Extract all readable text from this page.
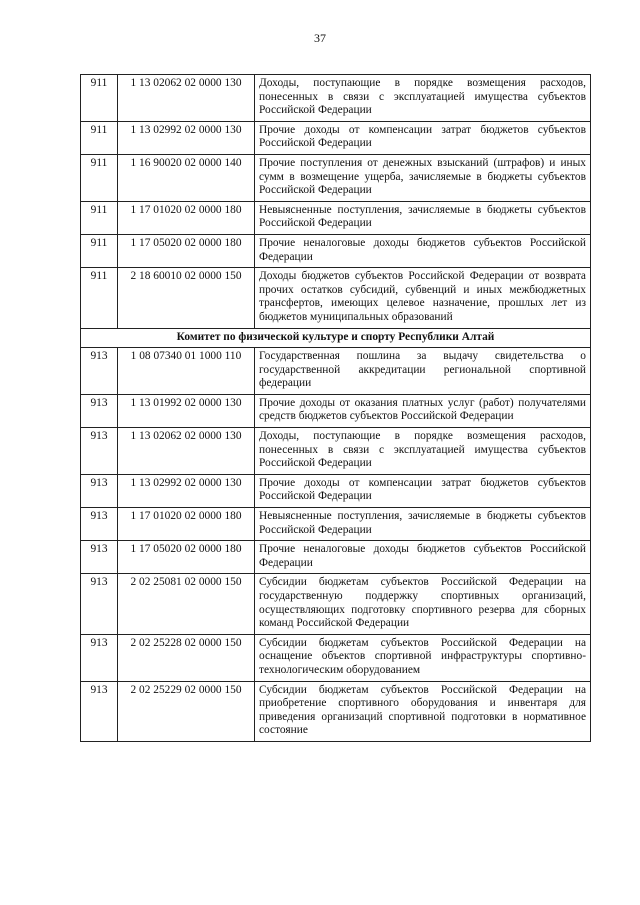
37
911	1 13 02062 02 0000 130	Доходы, поступающие в порядке возмещения расходов, понесенных в связи с эксплуатацией имущества субъектов Российской Федерации
911	1 13 02992 02 0000 130	Прочие доходы от компенсации затрат бюджетов субъектов Российской Федерации
911	1 16 90020 02 0000 140	Прочие поступления от денежных взысканий (штрафов) и иных сумм в возмещение ущерба, зачисляемые в бюджеты субъектов Российской Федерации
911	1 17 01020 02 0000 180	Невыясненные поступления, зачисляемые в бюджеты субъектов Российской Федерации
911	1 17 05020 02 0000 180	Прочие неналоговые доходы бюджетов субъектов Российской Федерации
911	2 18 60010 02 0000 150	Доходы бюджетов субъектов Российской Федерации от возврата прочих остатков субсидий, субвенций и иных межбюджетных трансфертов, имеющих целевое назначение, прошлых лет из бюджетов муниципальных образований
Комитет по физической культуре и спорту Республики Алтай		
913	1 08 07340 01 1000 110	Государственная пошлина за выдачу свидетельства о государственной аккредитации региональной спортивной федерации
913	1 13 01992 02 0000 130	Прочие доходы от оказания платных услуг (работ) получателями средств бюджетов субъектов Российской Федерации
913	1 13 02062 02 0000 130	Доходы, поступающие в порядке возмещения расходов, понесенных в связи с эксплуатацией имущества субъектов Российской Федерации
913	1 13 02992 02 0000 130	Прочие доходы от компенсации затрат бюджетов субъектов Российской Федерации
913	1 17 01020 02 0000 180	Невыясненные поступления, зачисляемые в бюджеты субъектов Российской Федерации
913	1 17 05020 02 0000 180	Прочие неналоговые доходы бюджетов субъектов Российской Федерации
913	2 02 25081 02 0000 150	Субсидии бюджетам субъектов Российской Федерации на государственную поддержку спортивных организаций, осуществляющих подготовку спортивного резерва для сборных команд Российской Федерации
913	2 02 25228 02 0000 150	Субсидии бюджетам субъектов Российской Федерации на оснащение объектов спортивной инфраструктуры спортивно-технологическим оборудованием
913	2 02 25229 02 0000 150	Субсидии бюджетам субъектов Российской Федерации на приобретение спортивного оборудования и инвентаря для приведения организаций спортивной подготовки в нормативное состояние
